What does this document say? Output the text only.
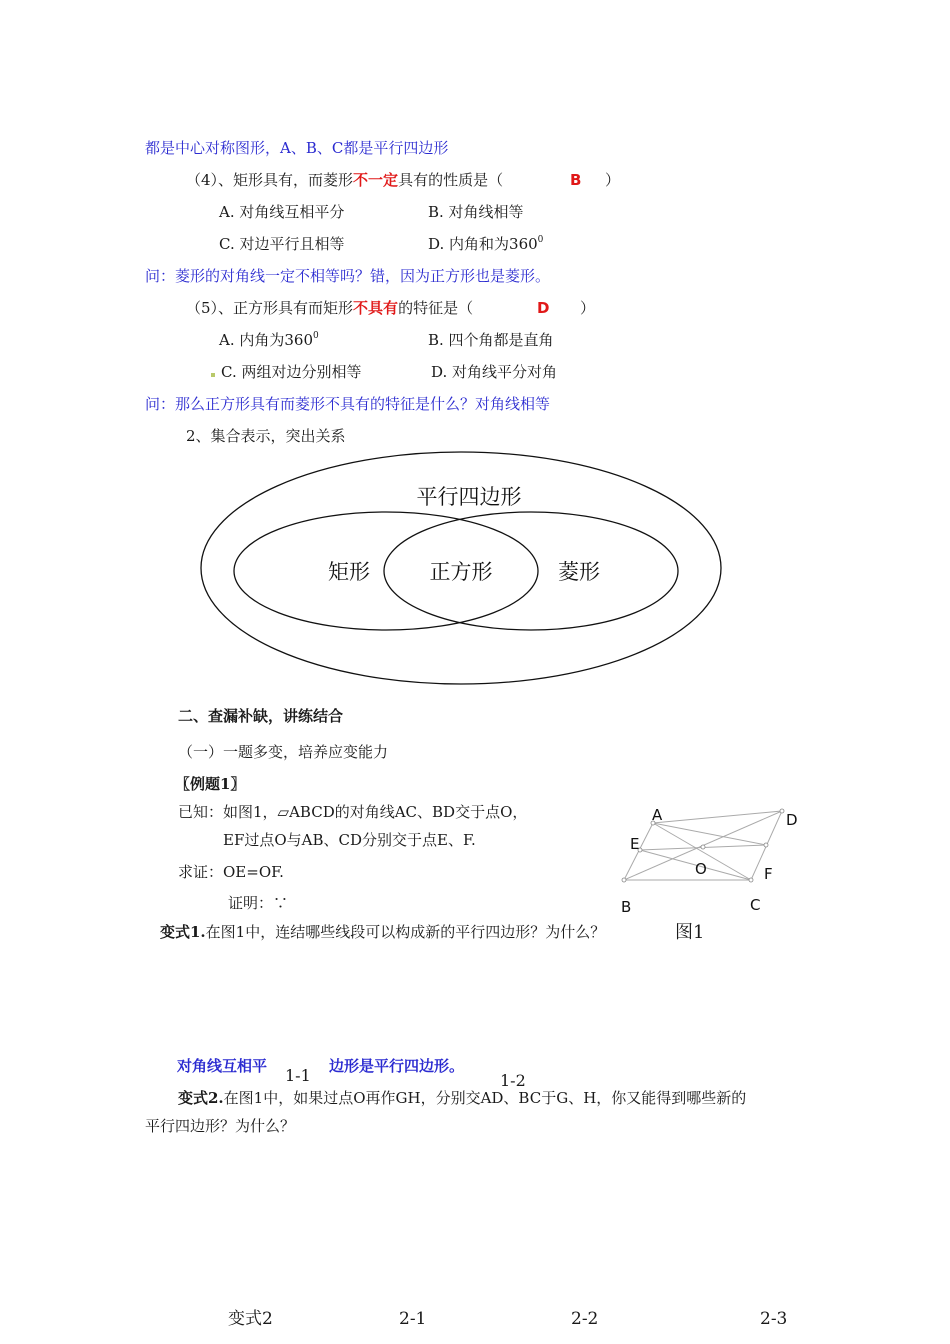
都是中心对称图形，A、B、C都是平行四边形
（4）、矩形具有，而菱形不一定具有的性质是（	B ）
A. 对角线互相平分	B. 对角线相等
C. 对边平行且相等	D. 内角和为$360^0$
问：菱形的对角线一定不相等吗？错，因为正方形也是菱形。
（5）、正方形具有而矩形不具有的特征是（	D ）
A. 内角为$360^0$	B. 四个角都是直角
C. 两组对边分别相等	D. 对角线平分对角
问：那么正方形具有而菱形不具有的特征是什么？对角线相等
2、集合表示，突出关系
平行四边形
矩形	正方形	菱形
二、查漏补缺，讲练结合
（一）一题多变，培养应变能力
〖例题1〗
已知：如图1，▱ABCD的对角线AC、BD交于点O，
EF过点O与AB、CD分别交于点E、F.
求证：OE=OF.
证明：∵
A	D
E
O	F
B	C
变式1.在图1中，连结哪些线段可以构成新的平行四边形？为什么？	图1
对角线互相平	边形是平行四边形。
1-1	1-2
变式2.在图1中，如果过点O再作GH，分别交AD、BC于G、H，你又能得到哪些新的
平行四边形？为什么？
变式2	2-1	2-2	2-3
